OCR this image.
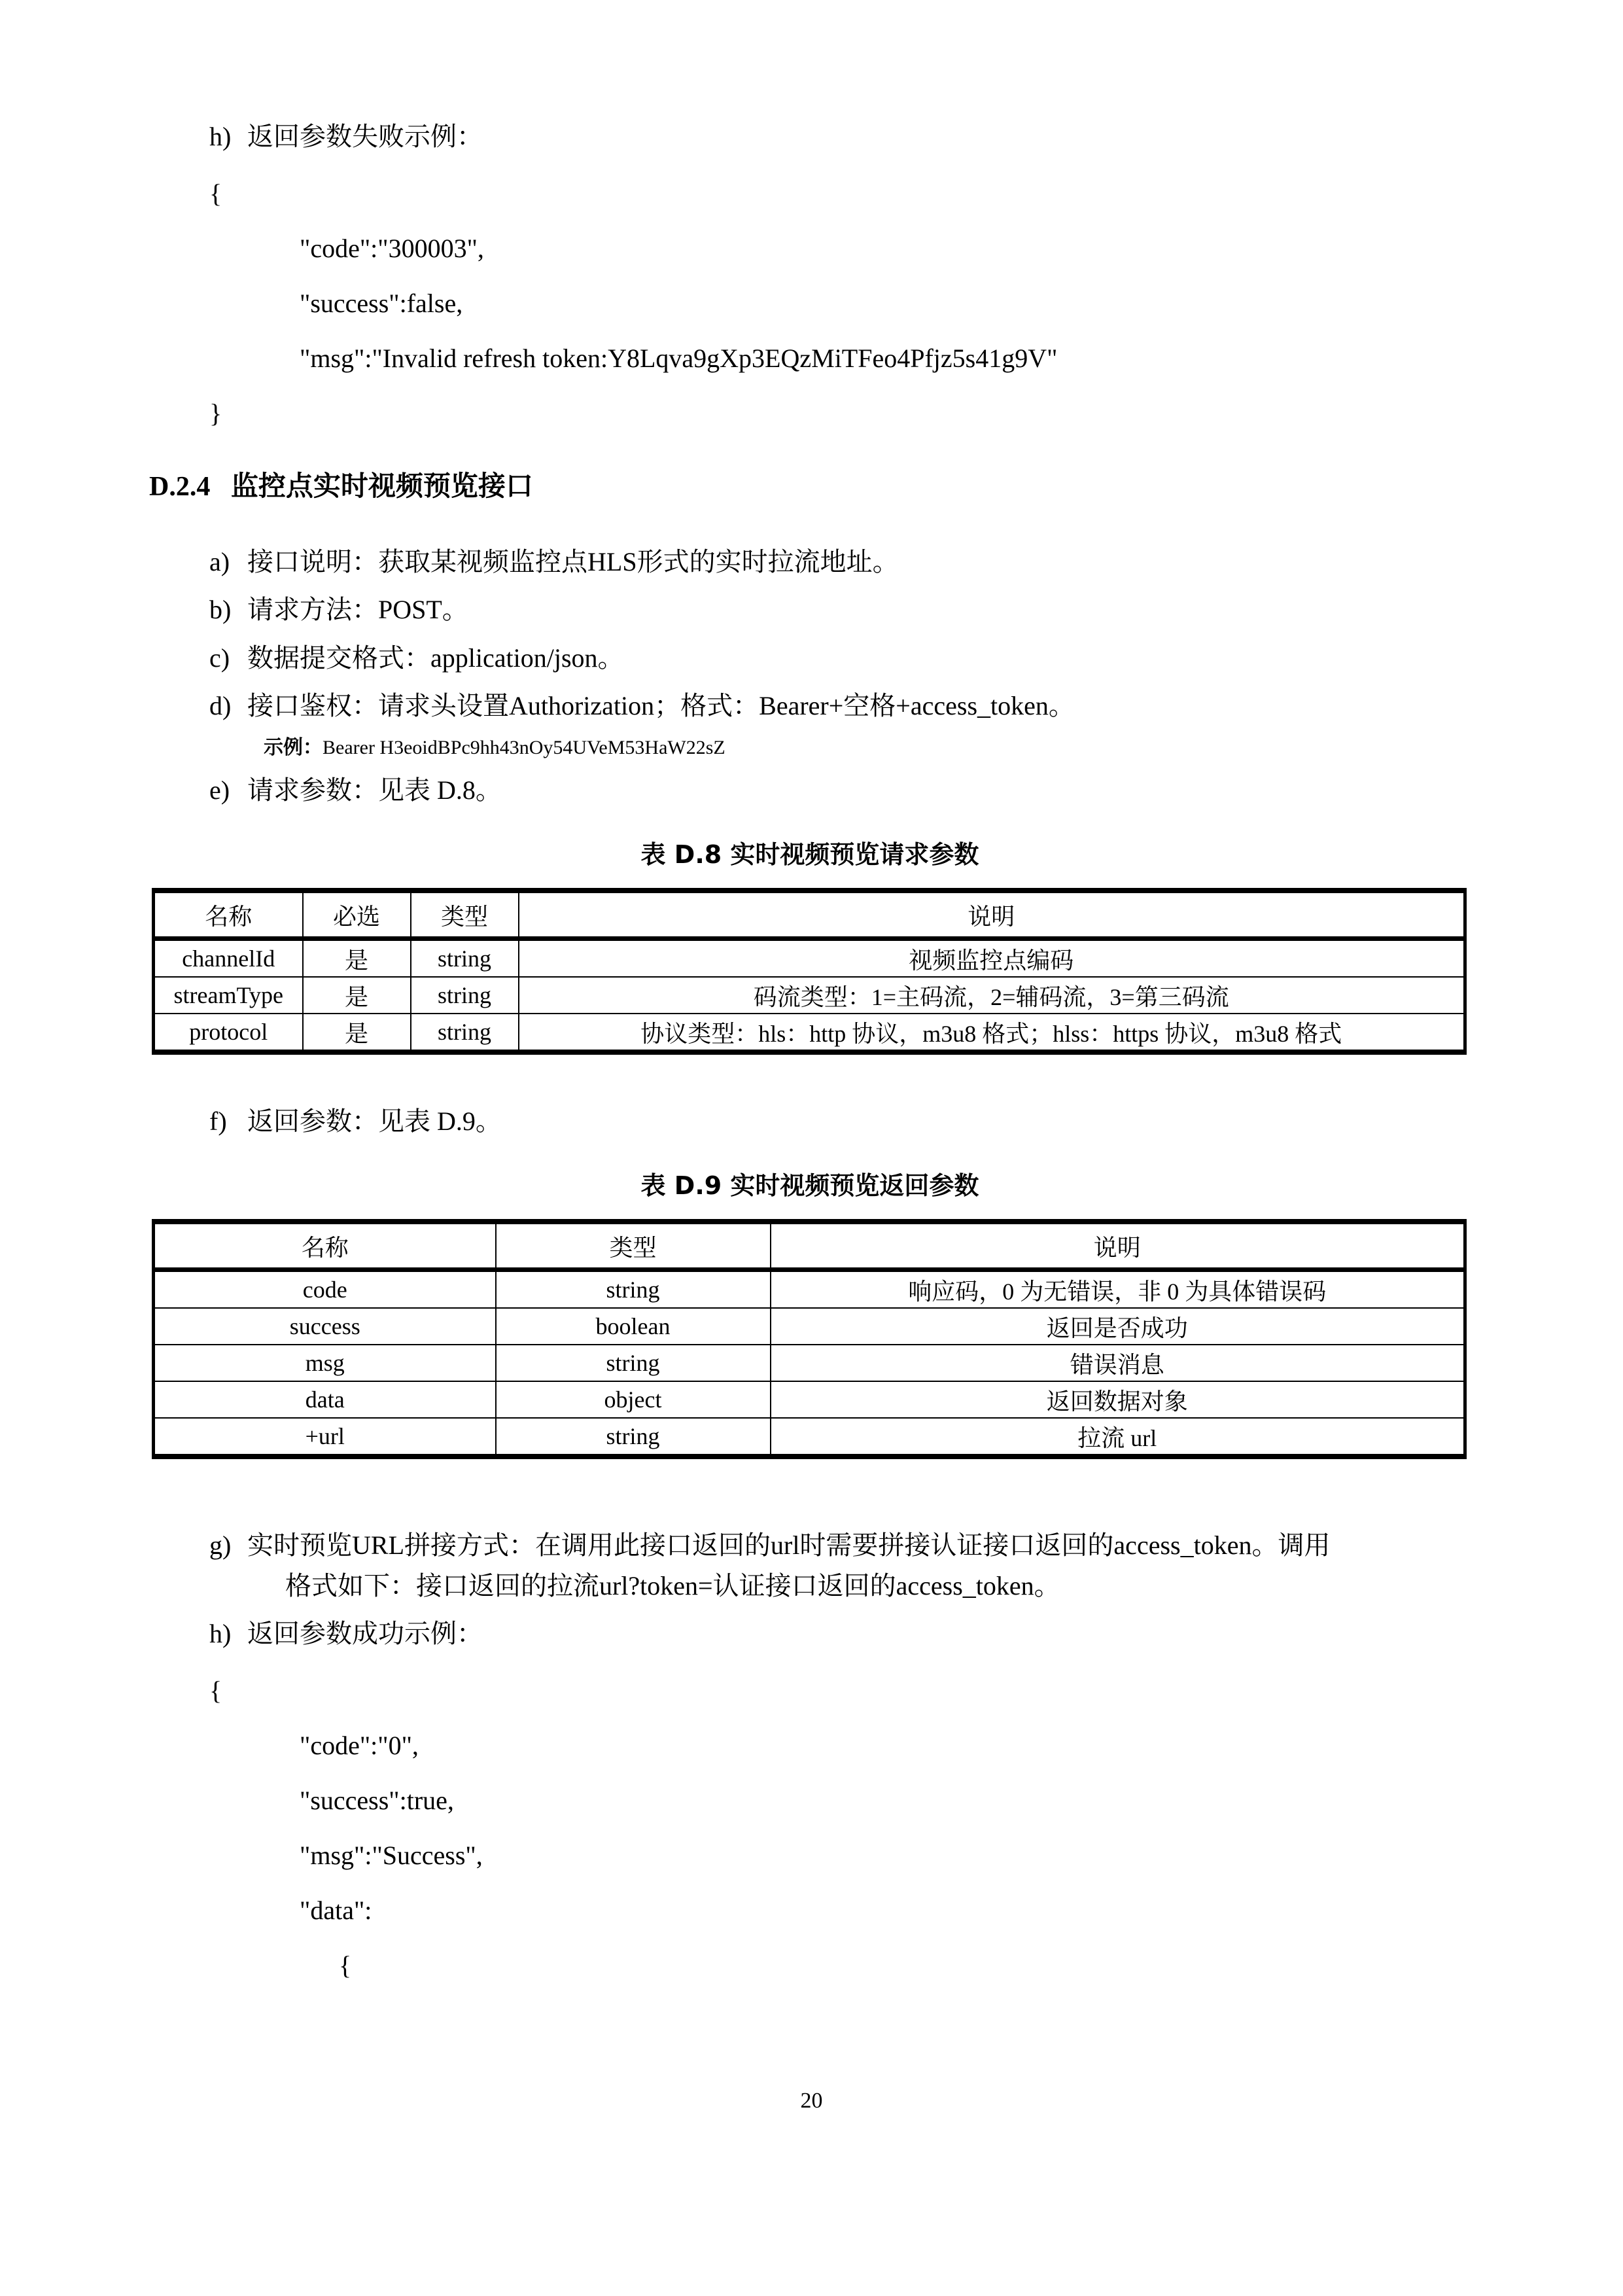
h) 返回参数失败示例：
{
"code":"300003",
"success":false,
"msg":"Invalid refresh token:Y8Lqva9gXp3EQzMiTFeo4Pfjz5s41g9V"
}
D.2.4 监控点实时视频预览接口
a) 接口说明：获取某视频监控点HLS形式的实时拉流地址。
b) 请求方法：POST。
c) 数据提交格式：application/json。
d) 接口鉴权：请求头设置Authorization；格式：Bearer+空格+access_token。
示例：Bearer H3eoidBPc9hh43nOy54UVeM53HaW22sZ
e) 请求参数：见表 D.8。
表 D.8 实时视频预览请求参数
名称	必选	类型	说明
channelId	是	string	视频监控点编码
streamType	是	string	码流类型：1=主码流，2=辅码流，3=第三码流
protocol	是	string	协议类型：hls：http 协议，m3u8 格式；hlss：https 协议，m3u8 格式
f) 返回参数：见表 D.9。
表 D.9 实时视频预览返回参数
名称	类型	说明
code	string	响应码，0 为无错误，非 0 为具体错误码
success	boolean	返回是否成功
msg	string	错误消息
data	object	返回数据对象
+url	string	拉流 url
g) 实时预览URL拼接方式：在调用此接口返回的url时需要拼接认证接口返回的access_token。调用
格式如下：接口返回的拉流url?token=认证接口返回的access_token。
h) 返回参数成功示例：
{
"code":"0",
"success":true,
"msg":"Success",
"data":
{
20
